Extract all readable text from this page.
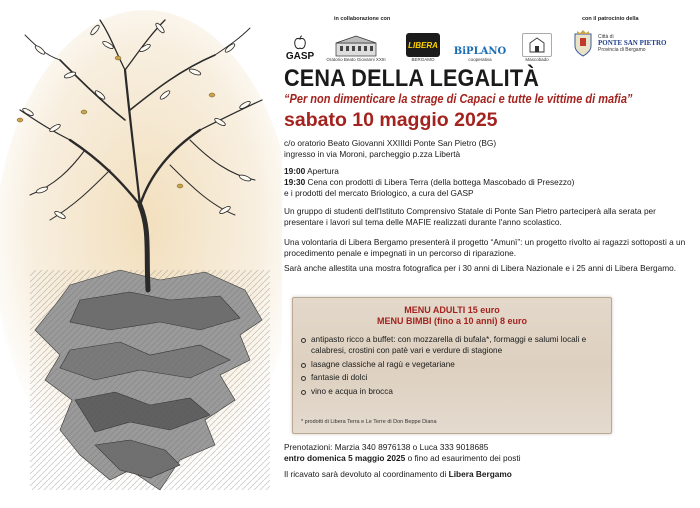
in collaborazione con	con il patrocinio della
GASP	Oratorio Beato Giovanni XXIII
LIBERA
BERGAMO
BiPLANO
cooperativa	Mascobado
Città di
PONTE SAN PIETRO
Provincia di Bergamo
CENA DELLA LEGALITÀ
“Per non dimenticare la strage di Capaci e tutte le vittime di mafia”
sabato 10 maggio 2025
c/o oratorio Beato Giovanni XXIIIdi Ponte San Pietro (BG)
ingresso in via Moroni, parcheggio p.zza Libertà
19:00 Apertura
19:30 Cena con prodotti di Libera Terra (della bottega Mascobado di Presezzo)
e i prodotti del mercato Briologico, a cura del GASP
Un gruppo di studenti dell'Istituto Comprensivo Statale di Ponte San Pietro parteciperà alla serata per presentare i lavori sul tema delle MAFIE realizzati durante l'anno scolastico.
Una volontaria di Libera Bergamo presenterà il progetto “Amunì”: un progetto rivolto ai ragazzi sottoposti a un procedimento penale e impegnati in un percorso di riparazione.
Sarà anche allestita una mostra fotografica per i 30 anni di Libera Nazionale e i 25 anni di Libera Bergamo.
MENU ADULTI 15 euro
MENU BIMBI (fino a 10 anni) 8 euro
antipasto ricco a buffet: con mozzarella di bufala*, formaggi e salumi locali e calabresi, crostini con patè vari e verdure di stagione
lasagne classiche al ragù e vegetariane
fantasie di dolci
vino e acqua in brocca
* prodotti di Libera Terra e Le Terre di Don Beppe Diana
Prenotazioni: Marzia 340 8976138 o Luca 333 9018685
entro domenica 5 maggio 2025 o fino ad esaurimento dei posti
Il ricavato sarà devoluto al coordinamento di Libera Bergamo
